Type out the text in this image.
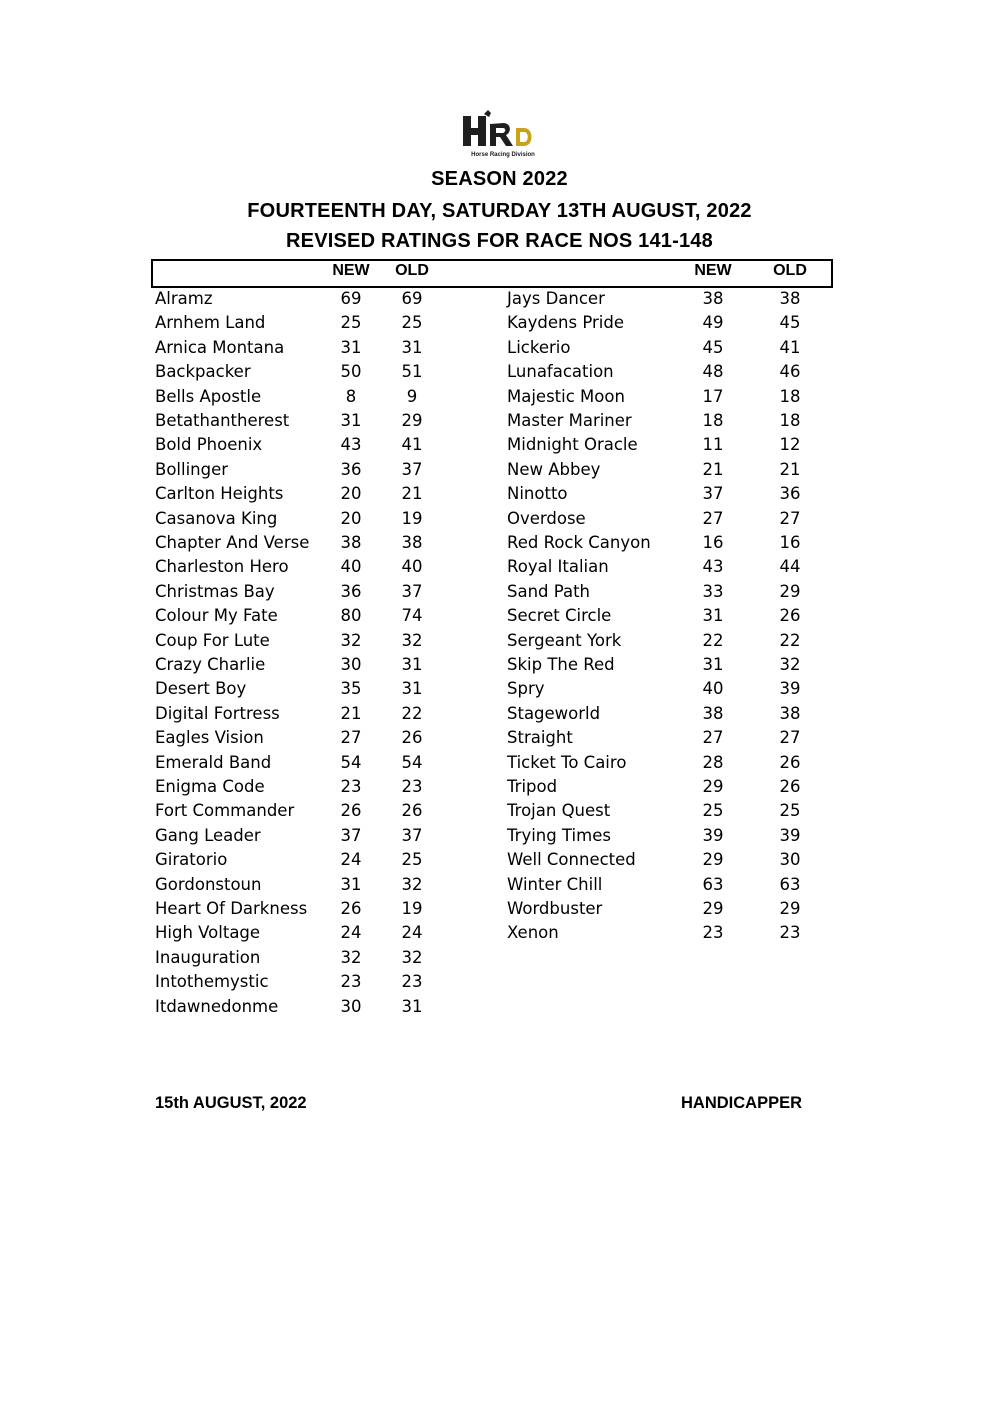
Horse Racing Division
SEASON 2022
FOURTEENTH DAY, SATURDAY 13TH AUGUST, 2022
REVISED RATINGS FOR RACE NOS 141-148
NEW	OLD	NEW	OLD
Alramz	69	69
Arnhem Land	25	25
Arnica Montana	31	31
Backpacker	50	51
Bells Apostle	8	9
Betathantherest	31	29
Bold Phoenix	43	41
Bollinger	36	37
Carlton Heights	20	21
Casanova King	20	19
Chapter And Verse	38	38
Charleston Hero	40	40
Christmas Bay	36	37
Colour My Fate	80	74
Coup For Lute	32	32
Crazy Charlie	30	31
Desert Boy	35	31
Digital Fortress	21	22
Eagles Vision	27	26
Emerald Band	54	54
Enigma Code	23	23
Fort Commander	26	26
Gang Leader	37	37
Giratorio	24	25
Gordonstoun	31	32
Heart Of Darkness	26	19
High Voltage	24	24
Inauguration	32	32
Intothemystic	23	23
Itdawnedonme	30	31
Jays Dancer	38	38
Kaydens Pride	49	45
Lickerio	45	41
Lunafacation	48	46
Majestic Moon	17	18
Master Mariner	18	18
Midnight Oracle	11	12
New Abbey	21	21
Ninotto	37	36
Overdose	27	27
Red Rock Canyon	16	16
Royal Italian	43	44
Sand Path	33	29
Secret Circle	31	26
Sergeant York	22	22
Skip The Red	31	32
Spry	40	39
Stageworld	38	38
Straight	27	27
Ticket To Cairo	28	26
Tripod	29	26
Trojan Quest	25	25
Trying Times	39	39
Well Connected	29	30
Winter Chill	63	63
Wordbuster	29	29
Xenon	23	23
15th AUGUST, 2022	HANDICAPPER
